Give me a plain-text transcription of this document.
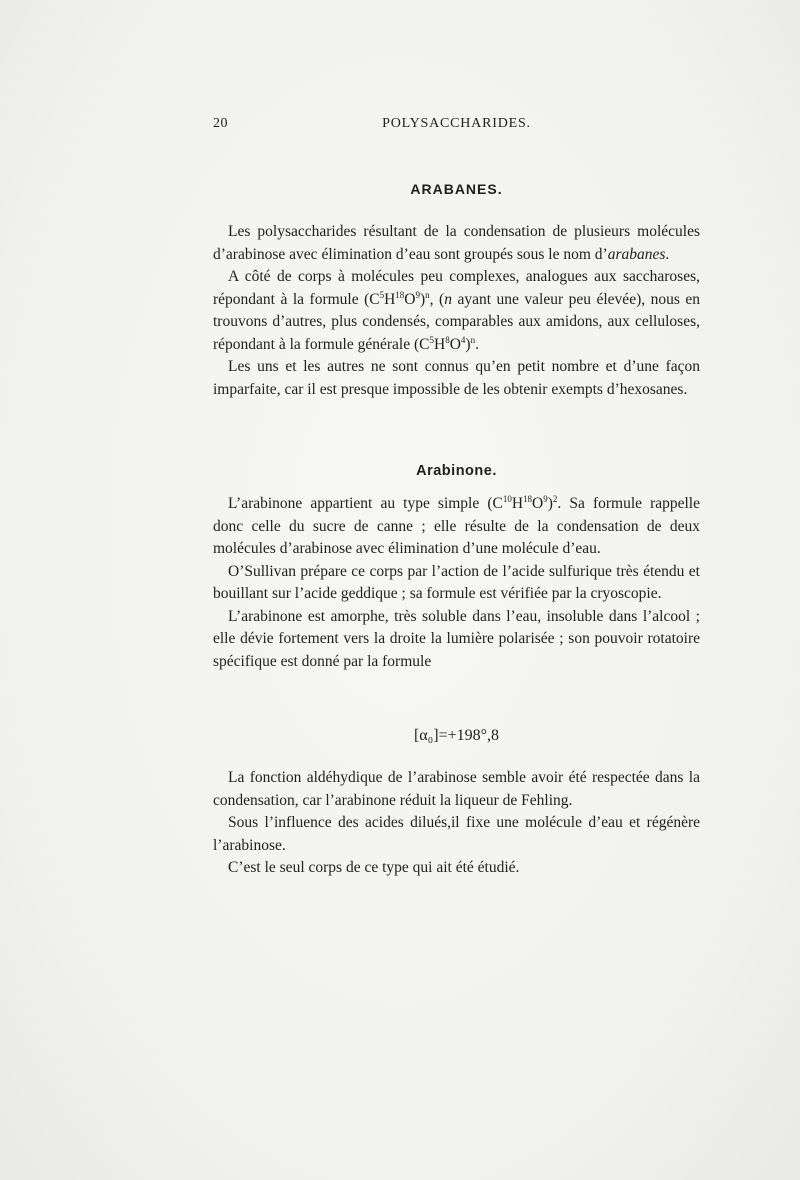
20	POLYSACCHARIDES.
ARABANES.

Les polysaccharides résultant de la condensation de plusieurs molécules d’arabinose avec élimination d’eau sont groupés sous le nom d’arabanes.

A côté de corps à molécules peu complexes, analogues aux saccharoses, répondant à la formule $(C^5H^{18}O^9)^n$, (n ayant une valeur peu élevée), nous en trouvons d’autres, plus condensés, comparables aux amidons, aux celluloses, répondant à la formule générale $(C^5H^8O^4)^n$.

Les uns et les autres ne sont connus qu’en petit nombre et d’une façon imparfaite, car il est presque impossible de les obtenir exempts d’hexosanes.

Arabinone.

L’arabinone appartient au type simple $(C^{10}H^{18}O^9)^2$. Sa formule rappelle donc celle du sucre de canne ; elle résulte de la condensation de deux molécules d’arabinose avec élimination d’une molécule d’eau.

O’Sullivan prépare ce corps par l’action de l’acide sulfurique très étendu et bouillant sur l’acide geddique ; sa formule est vérifiée par la cryoscopie.

L’arabinone est amorphe, très soluble dans l’eau, insoluble dans l’alcool ; elle dévie fortement vers la droite la lumière polarisée ; son pouvoir rotatoire spécifique est donné par la formule

[α₀]=+198°,8

La fonction aldéhydique de l’arabinose semble avoir été respectée dans la condensation, car l’arabinone réduit la liqueur de Fehling.

Sous l’influence des acides dilués,il fixe une molécule d’eau et régénère l’arabinose.

C’est le seul corps de ce type qui ait été étudié.
